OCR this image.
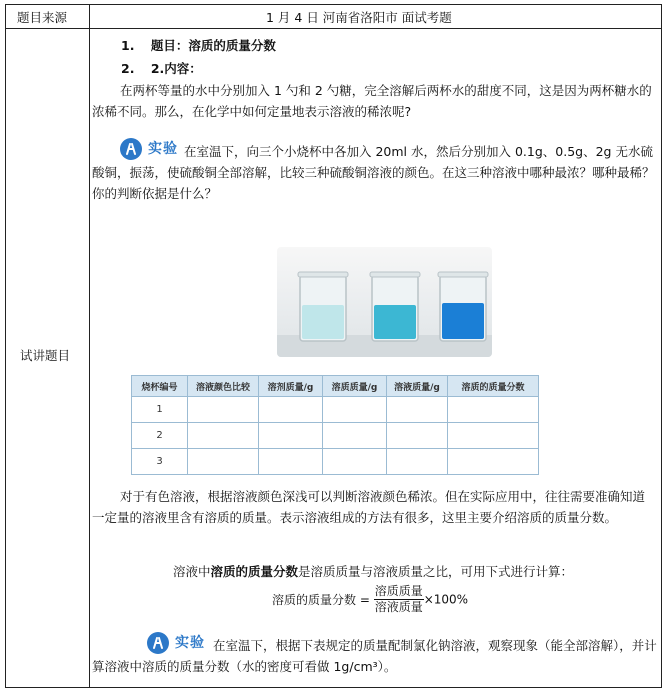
题目来源	1 月 4 日 河南省洛阳市 面试考题
试讲题目
1. 题目：溶质的质量分数
2. 2.内容：
在两杯等量的水中分别加入 1 勺和 2 勺糖，完全溶解后两杯水的甜度不同，这是因为两杯糖水的浓稀不同。那么，在化学中如何定量地表示溶液的稀浓呢?
实验 在室温下，向三个小烧杯中各加入 20ml 水，然后分别加入 0.1g、0.5g、2g 无水硫酸铜，振荡，使硫酸铜全部溶解，比较三种硫酸铜溶液的颜色。在这三种溶液中哪种最浓？哪种最稀？你的判断依据是什么？
烧杯编号	溶液颜色比较	溶剂质量/g	溶质质量/g	溶液质量/g	溶质的质量分数
1					
2					
3					
对于有色溶液，根据溶液颜色深浅可以判断溶液颜色稀浓。但在实际应用中，往往需要准确知道一定量的溶液里含有溶质的质量。表示溶液组成的方法有很多，这里主要介绍溶质的质量分数。
溶液中溶质的质量分数是溶质质量与溶液质量之比，可用下式进行计算：
溶质的质量分数 = $\frac{\text{溶质质量}}{\text{溶液质量}} \times 100\%$
实验 在室温下，根据下表规定的质量配制氯化钠溶液，观察现象（能全部溶解），并计算溶液中溶质的质量分数（水的密度可看做 1g/cm³）。
